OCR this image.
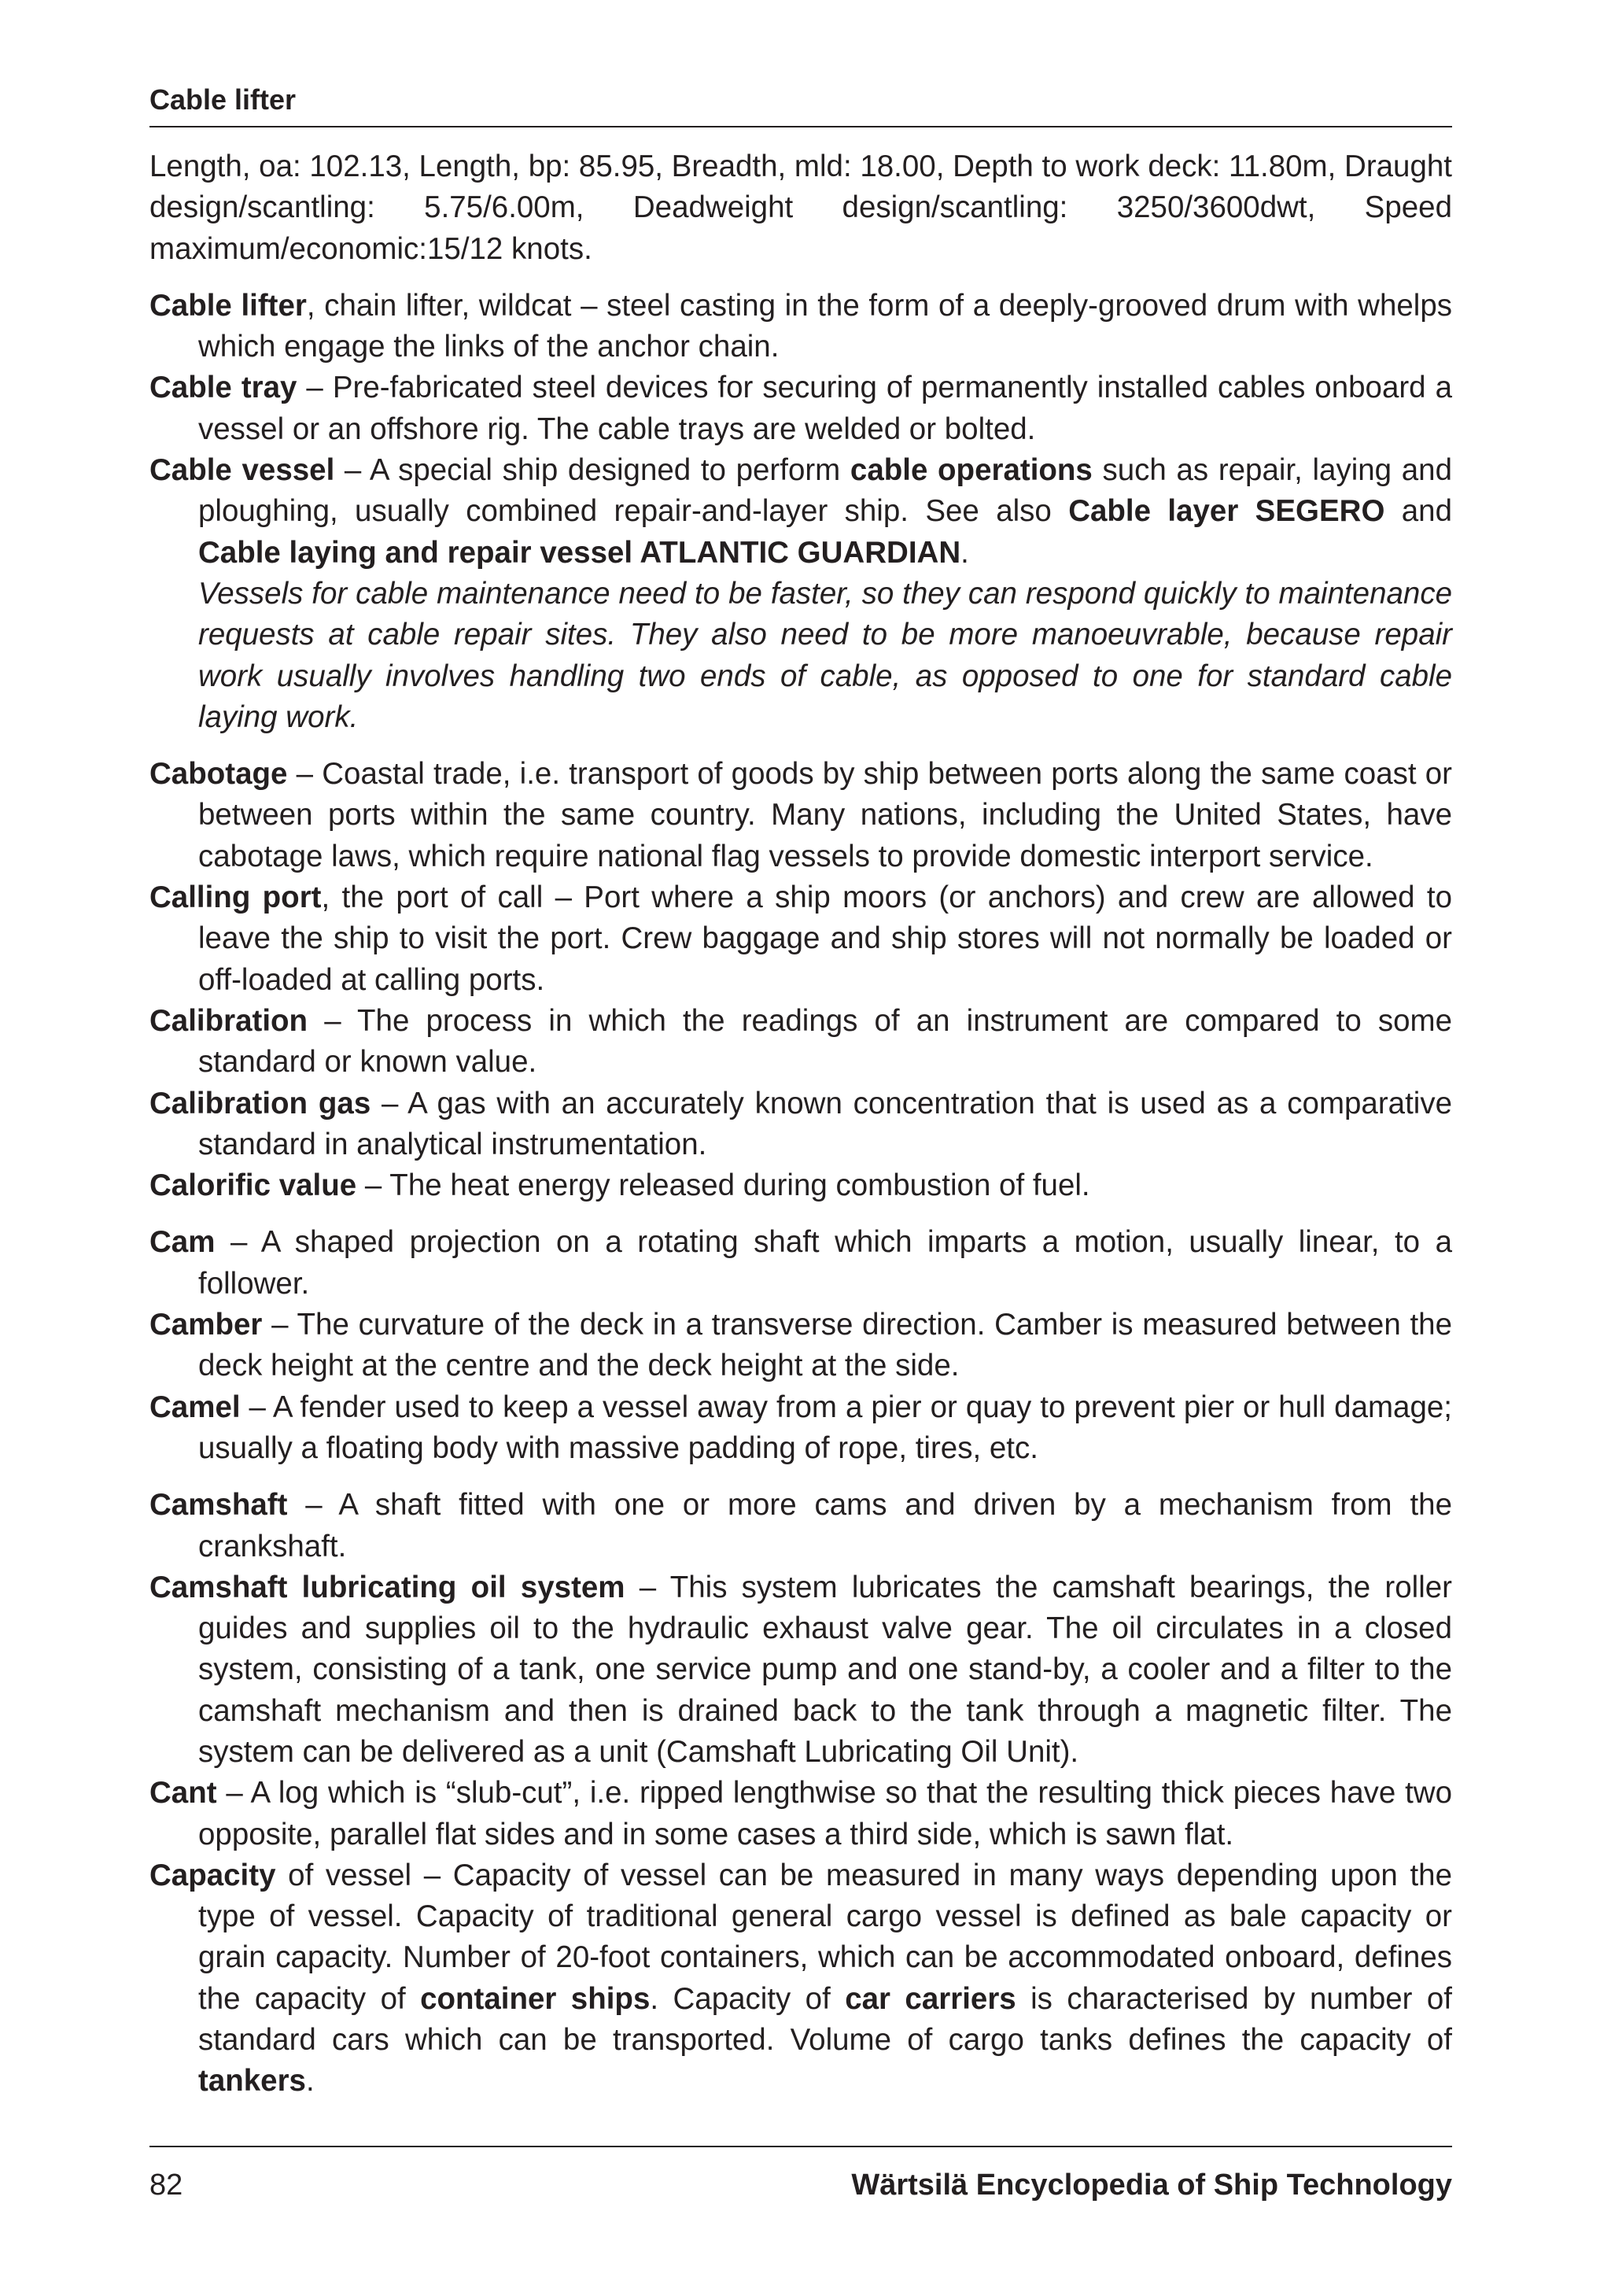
Cable lifter

Length, oa: 102.13, Length, bp: 85.95, Breadth, mld: 18.00, Depth to work deck: 11.80m, Draught design/scantling: 5.75/6.00m, Deadweight design/scantling: 3250/3600dwt, Speed maximum/economic:15/12 knots.

Cable lifter, chain lifter, wildcat – steel casting in the form of a deeply-grooved drum with whelps which engage the links of the anchor chain.

Cable tray – Pre-fabricated steel devices for securing of permanently installed cables onboard a vessel or an offshore rig. The cable trays are welded or bolted.

Cable vessel – A special ship designed to perform cable operations such as repair, laying and ploughing, usually combined repair-and-layer ship. See also Cable layer SEGERO and Cable laying and repair vessel ATLANTIC GUARDIAN.
Vessels for cable maintenance need to be faster, so they can respond quickly to maintenance requests at cable repair sites. They also need to be more manoeuvrable, because repair work usually involves handling two ends of cable, as opposed to one for standard cable laying work.

Cabotage – Coastal trade, i.e. transport of goods by ship between ports along the same coast or between ports within the same country. Many nations, including the United States, have cabotage laws, which require national flag vessels to provide domestic interport service.

Calling port, the port of call – Port where a ship moors (or anchors) and crew are allowed to leave the ship to visit the port. Crew baggage and ship stores will not normally be loaded or off-loaded at calling ports.

Calibration – The process in which the readings of an instrument are compared to some standard or known value.

Calibration gas – A gas with an accurately known concentration that is used as a comparative standard in analytical instrumentation.

Calorific value – The heat energy released during combustion of fuel.

Cam – A shaped projection on a rotating shaft which imparts a motion, usually linear, to a follower.

Camber – The curvature of the deck in a transverse direction. Camber is measured between the deck height at the centre and the deck height at the side.

Camel – A fender used to keep a vessel away from a pier or quay to prevent pier or hull damage; usually a floating body with massive padding of rope, tires, etc.

Camshaft – A shaft fitted with one or more cams and driven by a mechanism from the crankshaft.

Camshaft lubricating oil system – This system lubricates the camshaft bearings, the roller guides and supplies oil to the hydraulic exhaust valve gear. The oil circulates in a closed system, consisting of a tank, one service pump and one stand-by, a cooler and a filter to the camshaft mechanism and then is drained back to the tank through a magnetic filter. The system can be delivered as a unit (Camshaft Lubricating Oil Unit).

Cant – A log which is “slub-cut”, i.e. ripped lengthwise so that the resulting thick pieces have two opposite, parallel flat sides and in some cases a third side, which is sawn flat.

Capacity of vessel – Capacity of vessel can be measured in many ways depending upon the type of vessel. Capacity of traditional general cargo vessel is defined as bale capacity or grain capacity. Number of 20-foot containers, which can be accommodated onboard, defines the capacity of container ships. Capacity of car carriers is characterised by number of standard cars which can be transported. Volume of cargo tanks defines the capacity of tankers.

82	Wärtsilä Encyclopedia of Ship Technology
